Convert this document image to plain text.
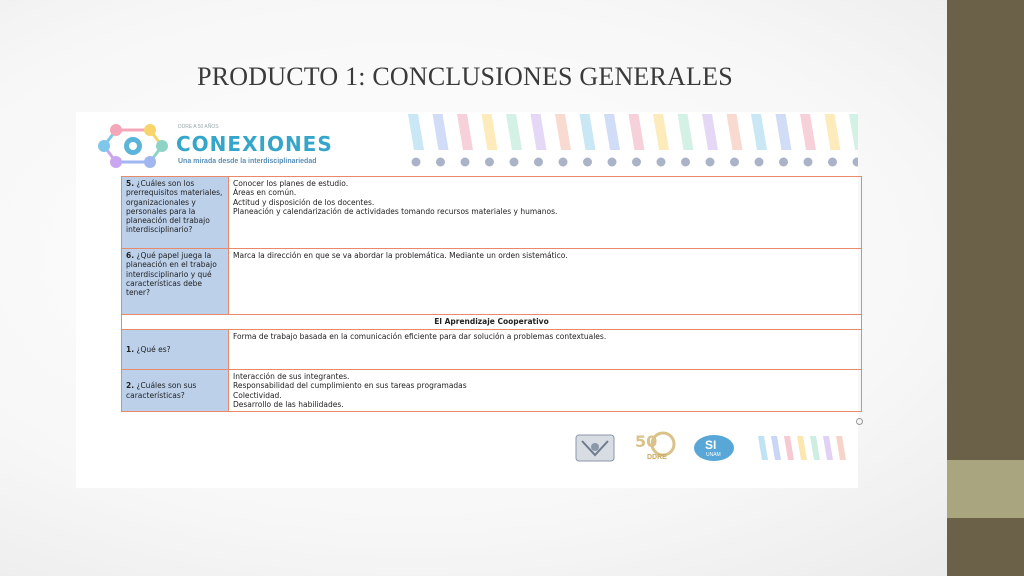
PRODUCTO 1: CONCLUSIONES GENERALES
DDRE A 50 AÑOS
CONEXIONES
Una mirada desde la interdisciplinariedad
5. ¿Cuáles son los prerrequisitos materiales, organizacionales y personales para la planeación del trabajo interdisciplinario?	Conocer los planes de estudio.
Áreas en común.
Actitud y disposición de los docentes.
Planeación y calendarización de actividades tomando recursos materiales y humanos.

6. ¿Qué papel juega la planeación en el trabajo interdisciplinario y qué características debe tener?	Marca la dirección en que se va abordar la problemática. Mediante un orden sistemático.

El Aprendizaje Cooperativo	
1. ¿Qué es?	Forma de trabajo basada en la comunicación eficiente para dar solución a problemas contextuales.

2. ¿Cuáles son sus características?	Interacción de sus integrantes.
Responsabilidad del cumplimiento en sus tareas programadas
Colectividad.
Desarrollo de las habilidades.
50
DDRE
SI
UNAM
